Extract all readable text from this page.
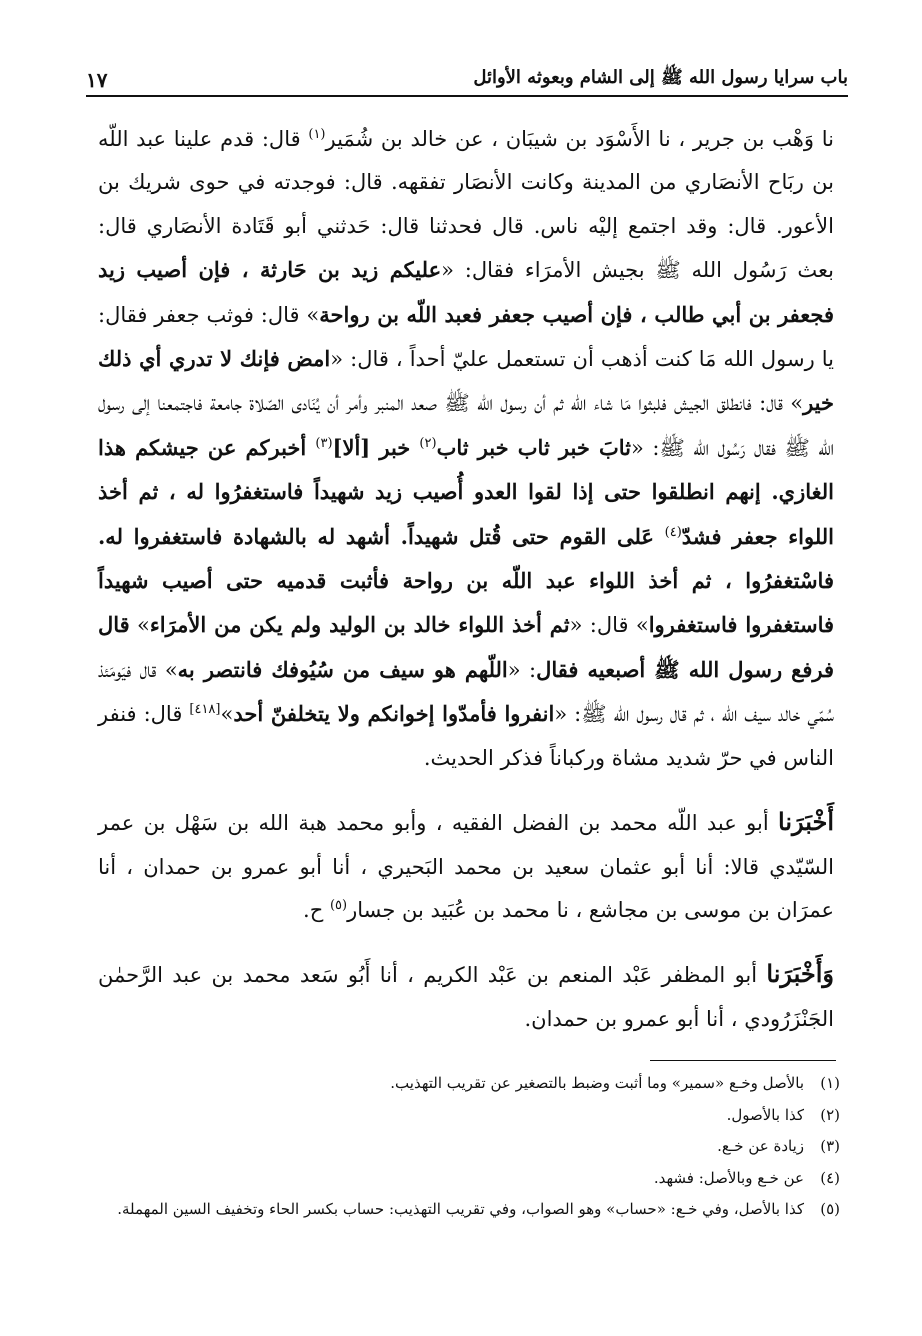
باب سرايا رسول الله ﷺ إلى الشام وبعوثه الأوائل
١٧

نا وَهْب بن جرير ، نا الأَسْوَد بن شيبَان ، عن خالد بن شُمَير$^{(١)}$ قال: قدم علينا عبد اللّه بن ربَاح الأنصَاري من المدينة وكانت الأنصَار تفقهه. قال: فوجدته في حوى شريك بن الأعور. قال: وقد اجتمع إليْه ناس. قال فحدثنا قال: حَدثني أبو قَتَادة الأنصَاري قال: بعث رَسُول الله ﷺ بجيش الأمرَاء فقال: «عليكم زيد بن حَارثة ، فإن أصيب زيد فجعفر بن أبي طالب ، فإن أصيب جعفر فعبد اللّه بن رواحة» قال: فوثب جعفر فقال: يا رسول الله مَا كنت أذهب أن تستعمل عليّ أحداً ، قال: «امض فإنك لا تدري أي ذلك خير» قال: فانطلق الجيش فلبثوا مَا شاء الله ثم أن رسول الله ﷺ صعد المنبر وأمر أن يُنَادى الصّلاة جامعة فاجتمعنا إلى رسول الله ﷺ فقال رَسُول الله ﷺ: «ثابَ خبر ثاب خبر ثاب$^{(٢)}$ خبر [ألا]$^{(٣)}$ أخبركم عن جيشكم هذا الغازي. إنهم انطلقوا حتى إذا لقوا العدو أُصيب زيد شهيداً فاستغفرُوا له ، ثم أخذ اللواء جعفر فشدّ$^{(٤)}$ عَلى القوم حتى قُتل شهيداً. أشهد له بالشهادة فاستغفروا له. فاسْتغفرُوا ، ثم أخذ اللواء عبد اللّه بن رواحة فأثبت قدميه حتى أصيب شهيداً فاستغفروا فاستغفروا» قال: «ثم أخذ اللواء خالد بن الوليد ولم يكن من الأمرَاء» قال فرفع رسول الله ﷺ أصبعيه فقال: «اللّهم هو سيف من سُيُوفك فانتصر به» قال فيَومَئذ سُمّي خالد سيف الله ، ثم قال رسول الله ﷺ: «انفروا فأمدّوا إخوانكم ولا يتخلفنّ أحد»[٤١٨] قال: فنفر الناس في حرّ شديد مشاة وركباناً فذكر الحديث.

أَخْبَرَنا أبو عبد اللّه محمد بن الفضل الفقيه ، وأبو محمد هبة الله بن سَهْل بن عمر السّيّدي قالا: أنا أبو عثمان سعيد بن محمد البَحيري ، أنا أبو عمرو بن حمدان ، أنا عمرَان بن موسى بن مجاشع ، نا محمد بن عُبَيد بن جسار$^{(٥)}$ ح.

وَأَخْبَرَنا أبو المظفر عَبْد المنعم بن عَبْد الكريم ، أنا أَبُو سَعد محمد بن عبد الرَّحمٰن الجَنْزَرُودي ، أنا أبو عمرو بن حمدان.

(١)
بالأصل وخـع «سمير» وما أثبت وضبط بالتصغير عن تقريب التهذيب.
(٢)
كذا بالأصول.
(٣)
زيادة عن خـع.
(٤)
عن خـع وبالأصل: فشهد.
(٥)
كذا بالأصل، وفي خـع: «حساب» وهو الصواب، وفي تقريب التهذيب: حساب بكسر الحاء وتخفيف السين المهملة.
